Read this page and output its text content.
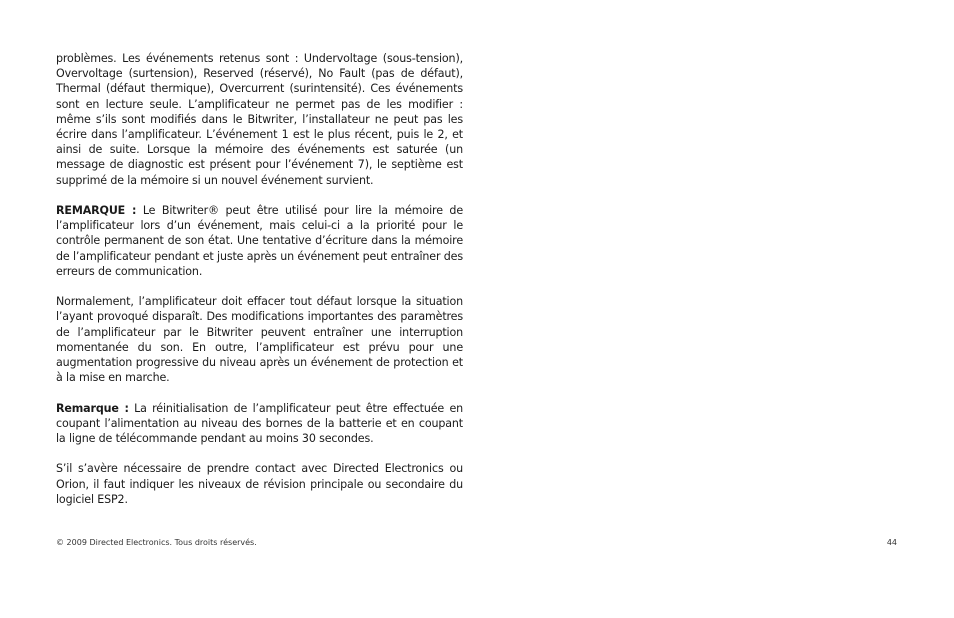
problèmes. Les événements retenus sont : Undervoltage (sous-tension), Overvoltage (surtension), Reserved (réservé), No Fault (pas de défaut), Thermal (défaut thermique), Overcurrent (surintensité). Ces événements sont en lecture seule. L’amplificateur ne permet pas de les modifier : même s’ils sont modifiés dans le Bitwriter, l’installateur ne peut pas les écrire dans l’amplificateur. L’événement 1 est le plus récent, puis le 2, et ainsi de suite. Lorsque la mémoire des événements est saturée (un message de diagnostic est présent pour l’événement 7), le septième est supprimé de la mémoire si un nouvel événement survient.

REMARQUE : Le Bitwriter® peut être utilisé pour lire la mémoire de l’amplificateur lors d’un événement, mais celui-ci a la priorité pour le contrôle permanent de son état. Une tentative d’écriture dans la mémoire de l’amplificateur pendant et juste après un événement peut entraîner des erreurs de communication.

Normalement, l’amplificateur doit effacer tout défaut lorsque la situation l’ayant provoqué disparaît. Des modifications importantes des paramètres de l’amplificateur par le Bitwriter peuvent entraîner une interruption momentanée du son. En outre, l’amplificateur est prévu pour une augmentation progressive du niveau après un événement de protection et à la mise en marche.

Remarque : La réinitialisation de l’amplificateur peut être effectuée en coupant l’alimentation au niveau des bornes de la batterie et en coupant la ligne de télécommande pendant au moins 30 secondes.

S’il s’avère nécessaire de prendre contact avec Directed Electronics ou Orion, il faut indiquer les niveaux de révision principale ou secondaire du logiciel ESP2.

© 2009 Directed Electronics. Tous droits réservés.	44
